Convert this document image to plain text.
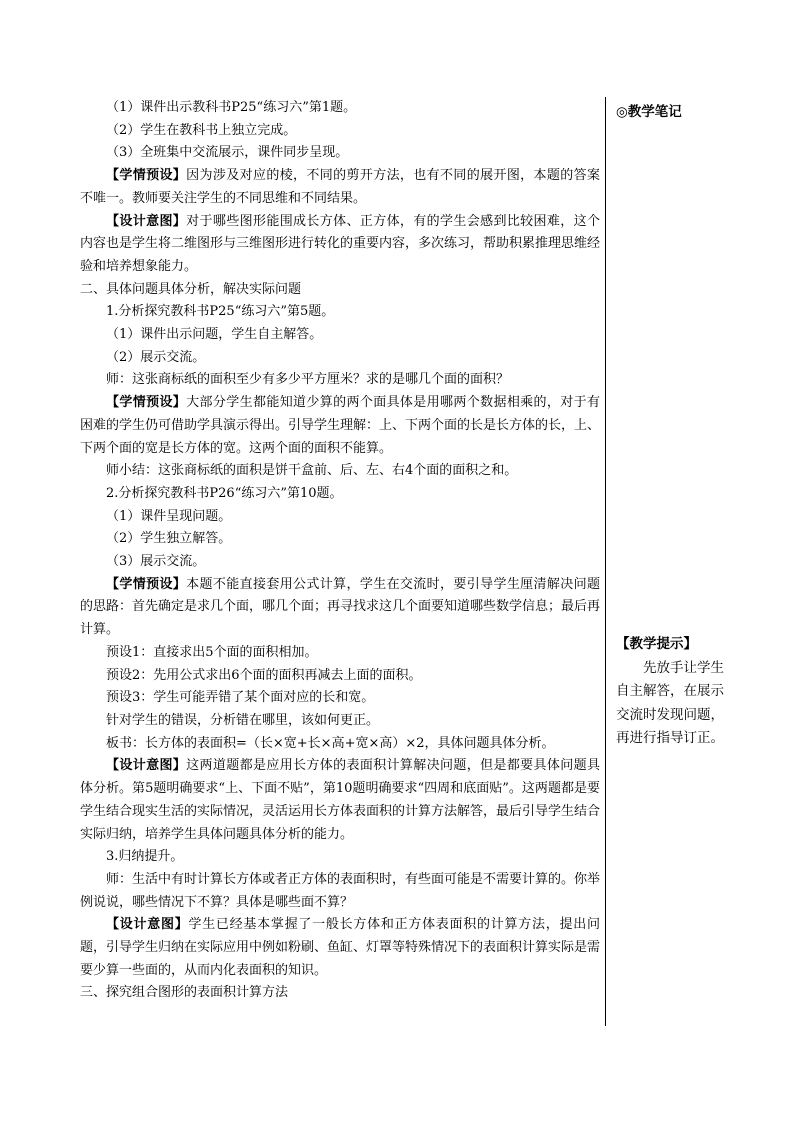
（1）课件出示教科书P25“练习六”第1题。

（2）学生在教科书上独立完成。

（3）全班集中交流展示，课件同步呈现。

【学情预设】因为涉及对应的棱，不同的剪开方法，也有不同的展开图，本题的答案不唯一。教师要关注学生的不同思维和不同结果。

【设计意图】对于哪些图形能围成长方体、正方体，有的学生会感到比较困难，这个内容也是学生将二维图形与三维图形进行转化的重要内容，多次练习，帮助积累推理思维经验和培养想象能力。

二、具体问题具体分析，解决实际问题

1.分析探究教科书P25“练习六”第5题。

（1）课件出示问题，学生自主解答。

（2）展示交流。

师：这张商标纸的面积至少有多少平方厘米？求的是哪几个面的面积？

【学情预设】大部分学生都能知道少算的两个面具体是用哪两个数据相乘的，对于有困难的学生仍可借助学具演示得出。引导学生理解：上、下两个面的长是长方体的长，上、下两个面的宽是长方体的宽。这两个面的面积不能算。

师小结：这张商标纸的面积是饼干盒前、后、左、右4个面的面积之和。

2.分析探究教科书P26“练习六”第10题。

（1）课件呈现问题。

（2）学生独立解答。

（3）展示交流。

【学情预设】本题不能直接套用公式计算，学生在交流时，要引导学生厘清解决问题的思路：首先确定是求几个面，哪几个面；再寻找求这几个面要知道哪些数学信息；最后再计算。

预设1：直接求出5个面的面积相加。

预设2：先用公式求出6个面的面积再减去上面的面积。

预设3：学生可能弄错了某个面对应的长和宽。

针对学生的错误，分析错在哪里，该如何更正。

板书：长方体的表面积=（长×宽+长×高+宽×高）×2，具体问题具体分析。

【设计意图】这两道题都是应用长方体的表面积计算解决问题，但是都要具体问题具体分析。第5题明确要求“上、下面不贴”，第10题明确要求“四周和底面贴”。这两题都是要学生结合现实生活的实际情况，灵活运用长方体表面积的计算方法解答，最后引导学生结合实际归纳，培养学生具体问题具体分析的能力。

3.归纳提升。

师：生活中有时计算长方体或者正方体的表面积时，有些面可能是不需要计算的。你举例说说，哪些情况下不算？具体是哪些面不算？

【设计意图】学生已经基本掌握了一般长方体和正方体表面积的计算方法，提出问题，引导学生归纳在实际应用中例如粉刷、鱼缸、灯罩等特殊情况下的表面积计算实际是需要少算一些面的，从而内化表面积的知识。

三、探究组合图形的表面积计算方法

◎教学笔记
【教学提示】

先放手让学生自主解答，在展示交流时发现问题，再进行指导订正。
